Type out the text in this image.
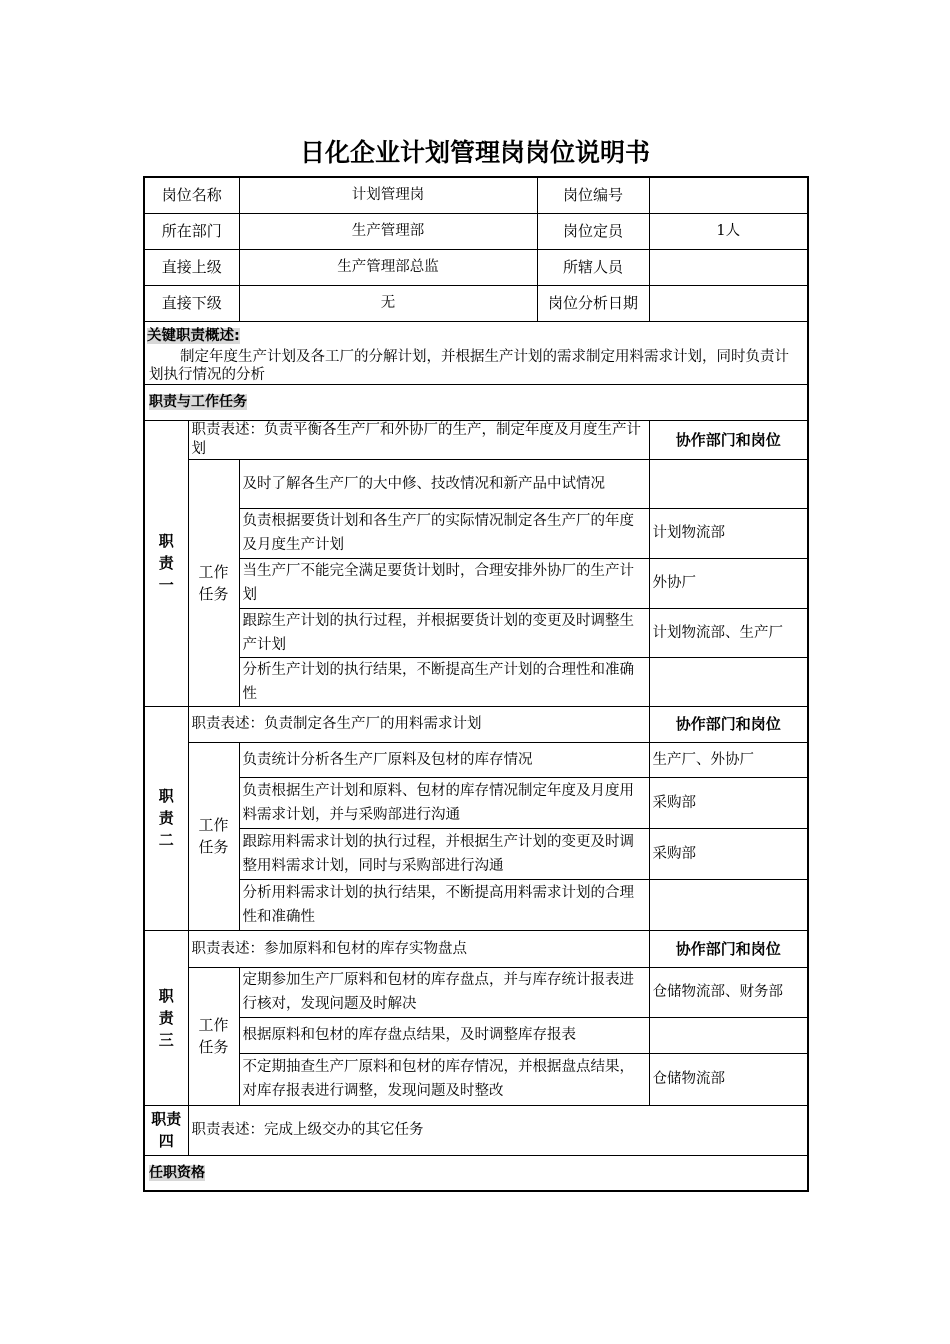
日化企业计划管理岗岗位说明书
岗位名称		计划管理岗	岗位编号	
所在部门		生产管理部	岗位定员	1人
直接上级		生产管理部总监	所辖人员	
直接下级		无	岗位分析日期	

关键职责概述:
制定年度生产计划及各工厂的分解计划，并根据生产计划的需求制定用料需求计划，同时负责计划执行情况的分析				

职责与工作任务				
职
责
一	职责表述：负责平衡各生产厂和外协厂的生产，制定年度及月度生产计划			协作部门和岗位
	工作
任务	及时了解各生产厂的大中修、技改情况和新产品中试情况		
		负责根据要货计划和各生产厂的实际情况制定各生产厂的年度及月度生产计划		计划物流部
		当生产厂不能完全满足要货计划时，合理安排外协厂的生产计划		外协厂
		跟踪生产计划的执行过程，并根据要货计划的变更及时调整生产计划		计划物流部、生产厂
		分析生产计划的执行结果，不断提高生产计划的合理性和准确性		
职
责
二	职责表述：负责制定各生产厂的用料需求计划			协作部门和岗位
	工作
任务	负责统计分析各生产厂原料及包材的库存情况		生产厂、外协厂
		负责根据生产计划和原料、包材的库存情况制定年度及月度用料需求计划，并与采购部进行沟通		采购部
		跟踪用料需求计划的执行过程，并根据生产计划的变更及时调整用料需求计划，同时与采购部进行沟通		采购部
		分析用料需求计划的执行结果，不断提高用料需求计划的合理性和准确性		
职
责
三	职责表述：参加原料和包材的库存实物盘点			协作部门和岗位
	工作
任务	定期参加生产厂原料和包材的库存盘点，并与库存统计报表进行核对，发现问题及时解决		仓储物流部、财务部
		根据原料和包材的库存盘点结果，及时调整库存报表		
		不定期抽查生产厂原料和包材的库存情况，并根据盘点结果，对库存报表进行调整，发现问题及时整改		仓储物流部
职责
四	职责表述：完成上级交办的其它任务			
任职资格				
